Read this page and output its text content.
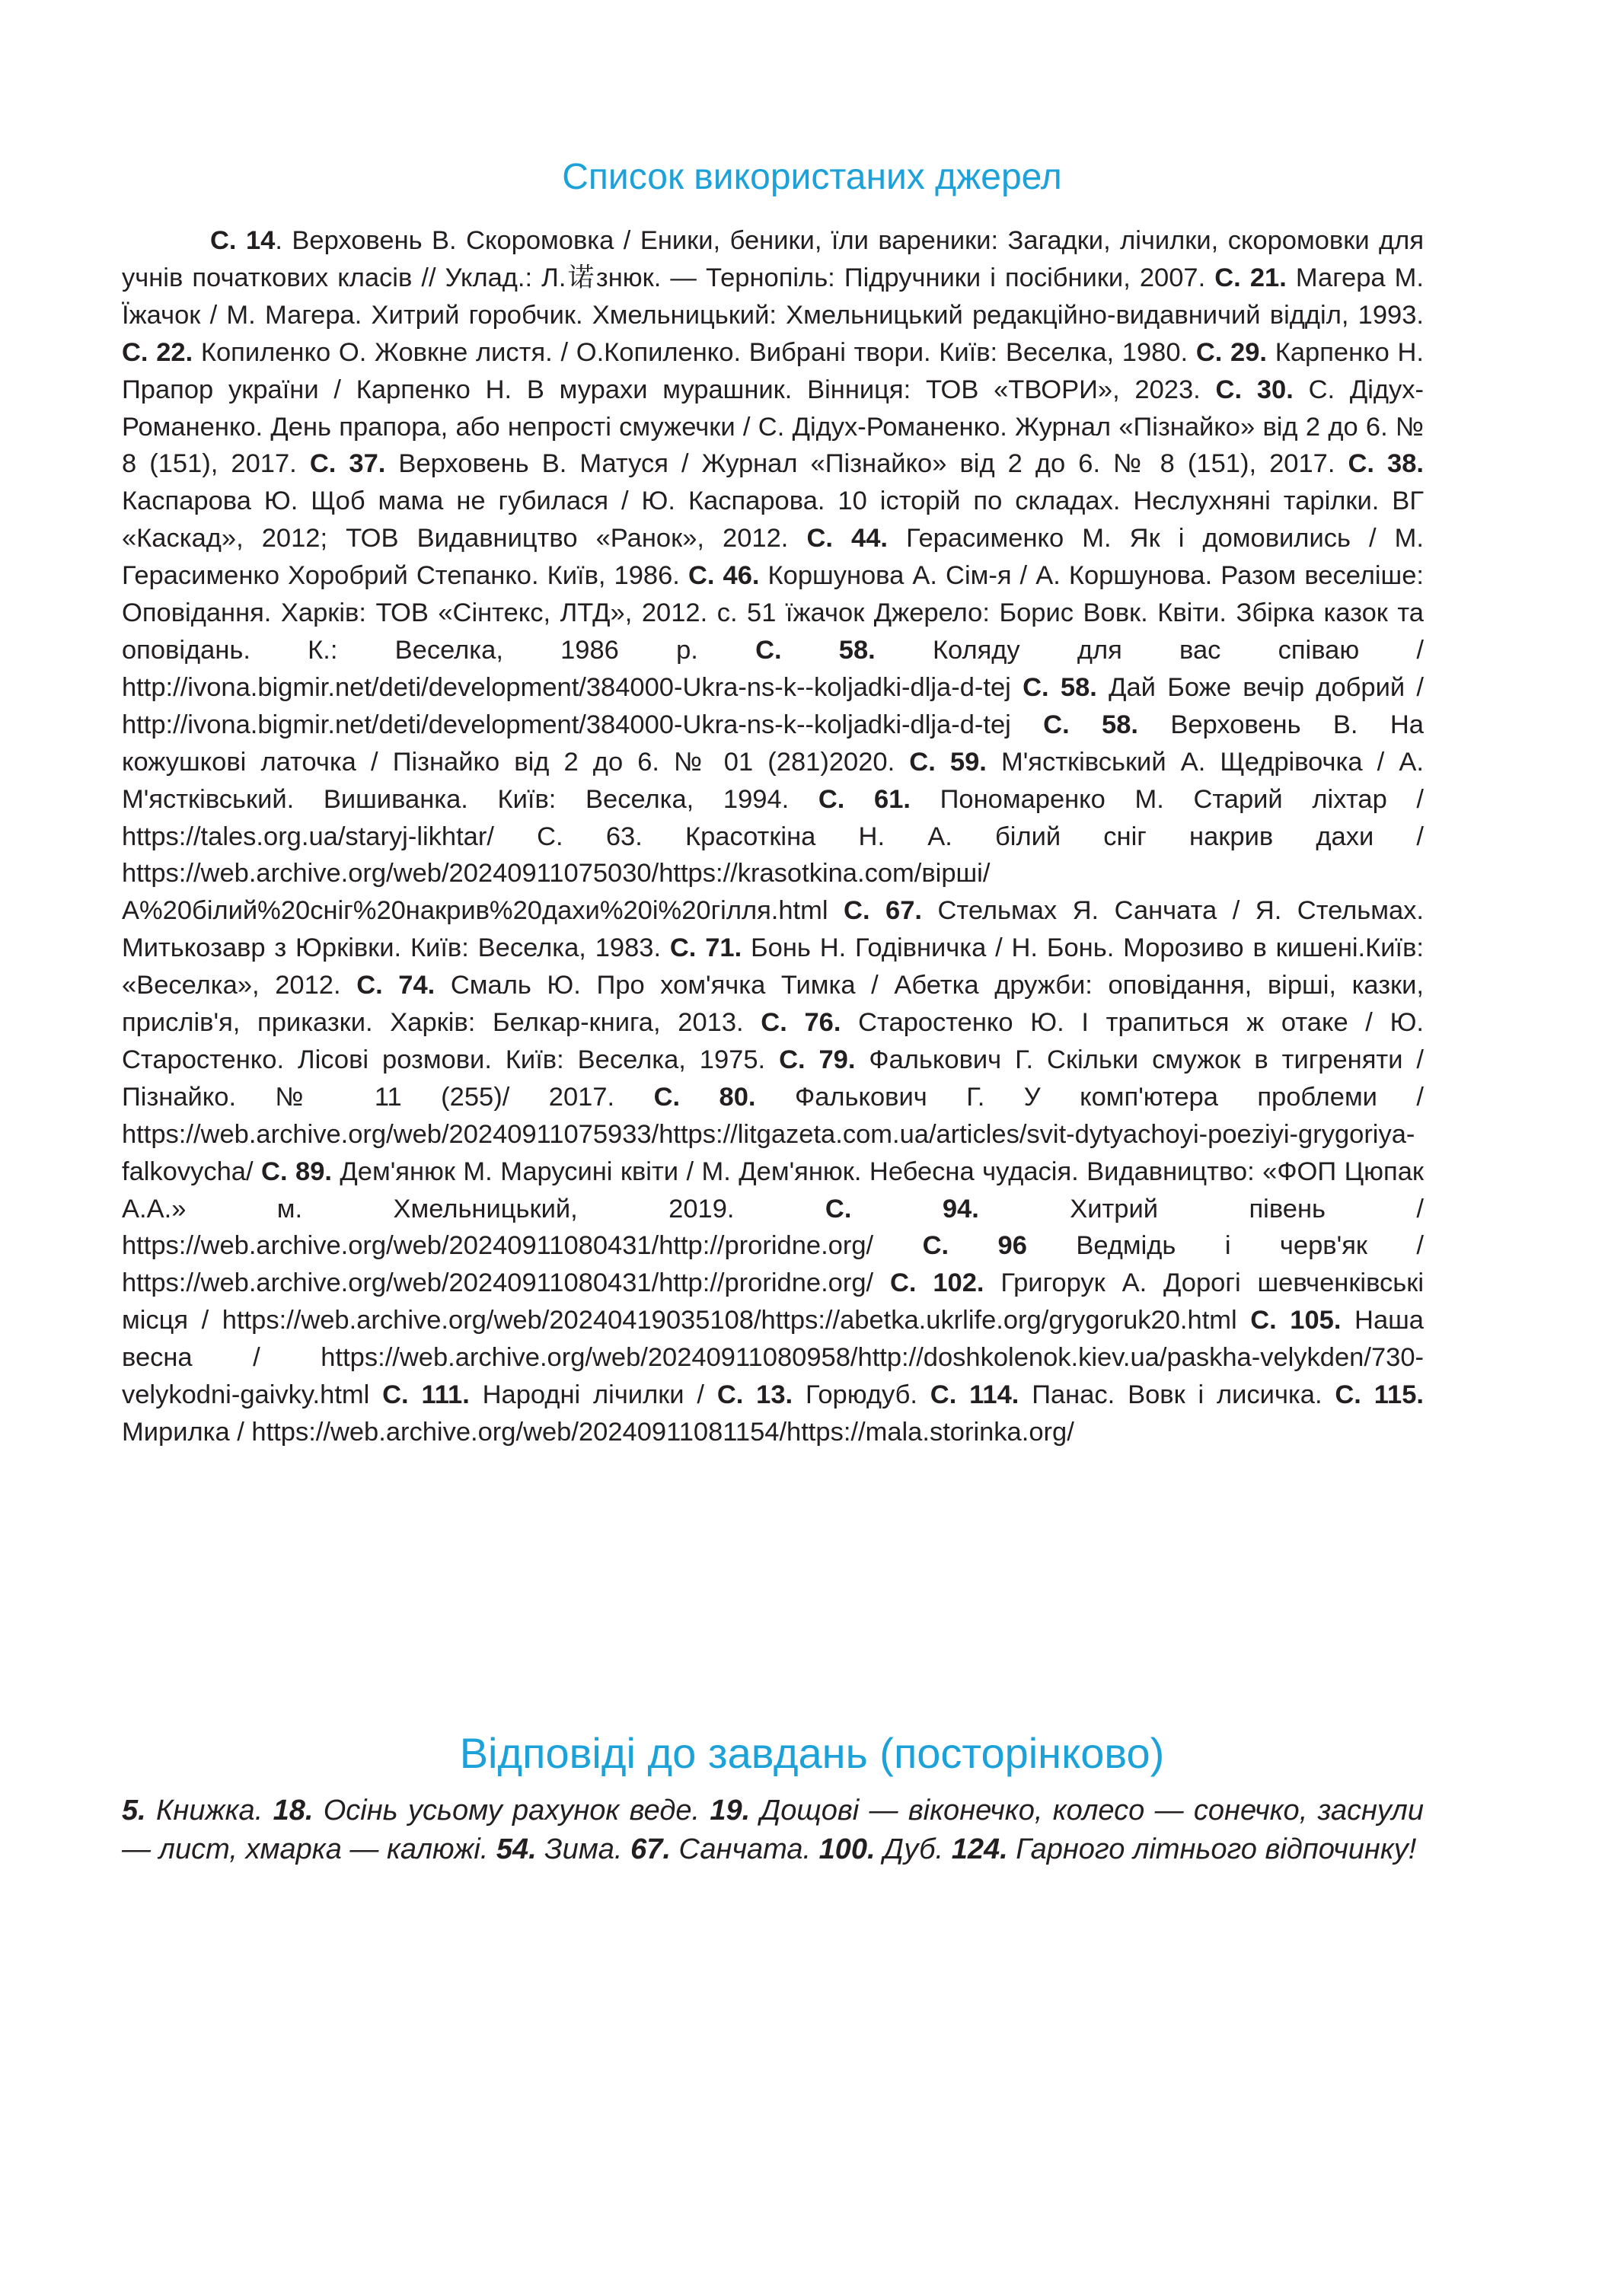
Список використаних джерел

С. 14. Верховень В. Скоромовка / Еники, беники, їли вареники: Загадки, лічилки, скоромовки для учнів початкових класів // Уклад.: Л.诺знюк. — Тернопіль: Підручники і посібники, 2007. С. 21. Магера М. Їжачок / М. Магера. Хитрий горобчик. Хмельницький: Хмельницький редакційно-видавничий відділ, 1993. С. 22. Копиленко О. Жовкне листя. / О.Копиленко. Вибрані твори. Київ: Веселка, 1980. С. 29. Карпенко Н. Прапор україни / Карпенко Н. В мурахи мурашник. Вінниця: ТОВ «ТВОРИ», 2023. С. 30. С. Дідух-Романенко. День прапора, або непрості смужечки / С. Дідух-Романенко. Журнал «Пізнайко» від 2 до 6. № 8 (151), 2017. С. 37. Верховень В. Матуся / Журнал «Пізнайко» від 2 до 6. № 8 (151), 2017. С. 38. Каспарова Ю. Щоб мама не губилася / Ю. Каспарова. 10 історій по складах. Неслухняні тарілки. ВГ «Каскад», 2012; ТОВ Видавництво «Ранок», 2012. С. 44. Герасименко М. Як і домовились / М. Герасименко Хоробрий Степанко. Київ, 1986. С. 46. Коршунова А. Сім-я / А. Коршунова. Разом веселіше: Оповідання. Харків: ТОВ «Сінтекс, ЛТД», 2012. с. 51 їжачок Джерело: Борис Вовк. Квіти. Збірка казок та оповідань. К.: Веселка, 1986 р. С. 58. Коляду для вас співаю / http://ivona.bigmir.net/deti/development/384000-Ukra-ns-k--koljadki-dlja-d-tej С. 58. Дай Боже вечір добрий / http://ivona.bigmir.net/deti/development/384000-Ukra-ns-k--koljadki-dlja-d-tej С. 58. Верховень В. На кожушкові латочка / Пізнайко від 2 до 6. № 01 (281)2020. С. 59. М'ястківський А. Щедрівочка / А. М'ястківський. Вишиванка. Київ: Веселка, 1994. С. 61. Пономаренко М. Старий ліхтар / https://tales.org.ua/staryj-likhtar/ С. 63. Красоткіна Н. А. білий сніг накрив дахи / https://web.archive.org/web/20240911075030/https://krasotkina.com/вірші/А%20білий%20сніг%20накрив%20дахи%20і%20гілля.html С. 67. Стельмах Я. Санчата / Я. Стельмах. Митькозавр з Юрківки. Київ: Веселка, 1983. С. 71. Бонь Н. Годівничка / Н. Бонь. Морозиво в кишені.Київ: «Веселка», 2012. С. 74. Смаль Ю. Про хом'ячка Тимка / Абетка дружби: оповідання, вірші, казки, прислів'я, приказки. Харків: Белкар-книга, 2013. С. 76. Старостенко Ю. І трапиться ж отаке / Ю. Старостенко. Лісові розмови. Київ: Веселка, 1975. С. 79. Фалькович Г. Скільки смужок в тигреняти / Пізнайко. № 11 (255)/ 2017. С. 80. Фалькович Г. У комп'ютера проблеми / https://web.archive.org/web/20240911075933/https://litgazeta.com.ua/articles/svit-dytyachoyi-poeziyi-grygoriya-falkovycha/ С. 89. Дем'янюк М. Марусині квіти / М. Дем'янюк. Небесна чудасія. Видавництво: «ФОП Цюпак А.А.» м. Хмельницький, 2019. С. 94. Хитрий півень / https://web.archive.org/web/20240911080431/http://proridne.org/ С. 96 Ведмідь і черв'як / https://web.archive.org/web/20240911080431/http://proridne.org/ С. 102. Григорук А. Дорогі шевченківські місця / https://web.archive.org/web/20240419035108/https://abetka.ukrlife.org/grygoruk20.html С. 105. Наша весна / https://web.archive.org/web/20240911080958/http://doshkolenok.kiev.ua/paskha-velykden/730-velykodni-gaivky.html С. 111. Народні лічилки / С. 13. Горюдуб. С. 114. Панас. Вовк і лисичка. С. 115. Мирилка / https://web.archive.org/web/20240911081154/https://mala.storinka.org/

Відповіді до завдань (посторінково)

5. Книжка. 18. Осінь усьому рахунок веде. 19. Дощові — віконечко, колесо — сонечко, заснули — лист, хмарка — калюжі. 54. Зима. 67. Санчата. 100. Дуб. 124. Гарного літнього відпочинку!
